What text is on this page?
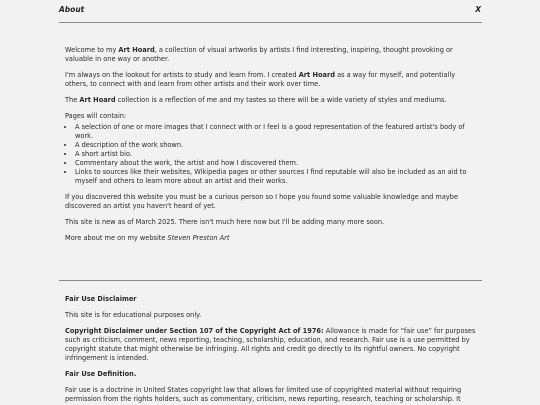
About	X

Welcome to my Art Hoard, a collection of visual artworks by artists I find interesting, inspiring, thought provoking or valuable in one way or another.

I'm always on the lookout for artists to study and learn from. I created Art Hoard as a way for myself, and potentially others, to connect with and learn from other artists and their work over time.

The Art Hoard collection is a reflection of me and my tastes so there will be a wide variety of styles and mediums.

Pages will contain:

• A selection of one or more images that I connect with or I feel is a good representation of the featured artist's body of work.
• A description of the work shown.
• A short artist bio.
• Commentary about the work, the artist and how I discovered them.
• Links to sources like their websites, Wikipedia pages or other sources I find reputable will also be included as an aid to myself and others to learn more about an artist and their works.

If you discovered this website you must be a curious person so I hope you found some valuable knowledge and maybe discovered an artist you haven't heard of yet.

This site is new as of March 2025. There isn't much here now but I'll be adding many more soon.

More about me on my website Steven Preston Art

Fair Use Disclaimer

This site is for educational purposes only.

Copyright Disclaimer under Section 107 of the Copyright Act of 1976: Allowance is made for “fair use” for purposes such as criticism, comment, news reporting, teaching, scholarship, education, and research. Fair use is a use permitted by copyright statute that might otherwise be infringing. All rights and credit go directly to its rightful owners. No copyright infringement is intended.

Fair Use Definition.

Fair use is a doctrine in United States copyright law that allows for limited use of copyrighted material without requiring permission from the rights holders, such as commentary, criticism, news reporting, research, teaching or scholarship. It
